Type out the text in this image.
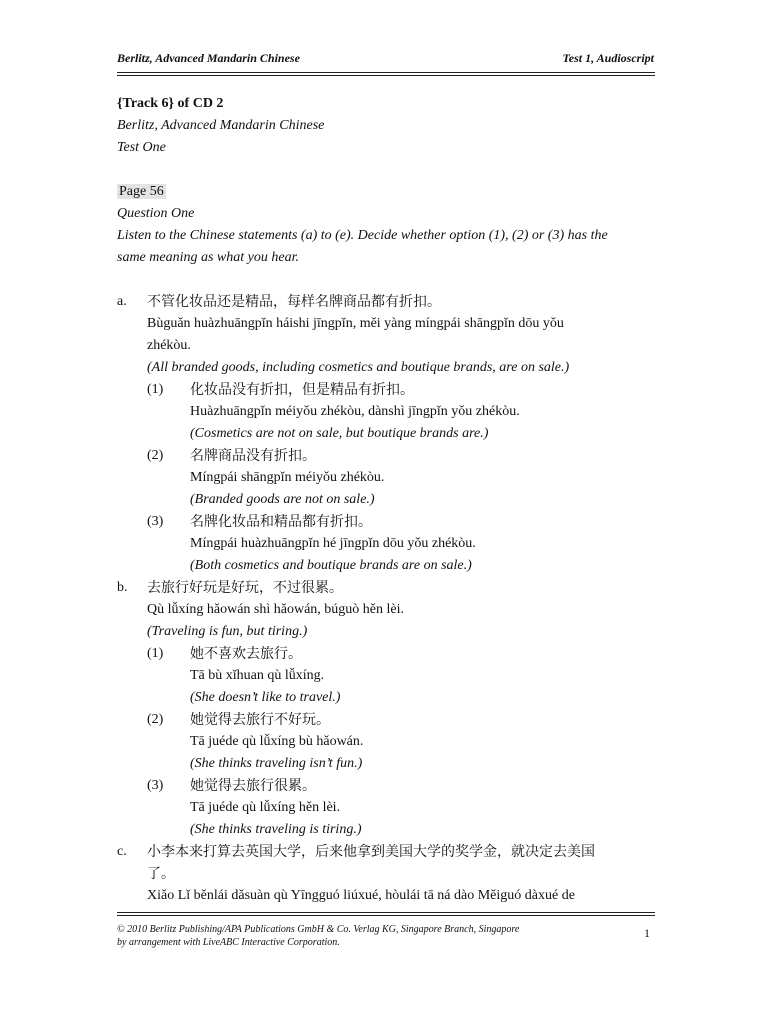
Berlitz, Advanced Mandarin Chinese	Test 1, Audioscript
{Track 6} of CD 2
Berlitz, Advanced Mandarin Chinese
Test One
Page 56
Question One
Listen to the Chinese statements (a) to (e). Decide whether option (1), (2) or (3) has the
same meaning as what you hear.
a. 不管化妆品还是精品，每样名牌商品都有折扣。
Bùguǎn huàzhuāngpǐn háishi jīngpǐn, měi yàng míngpái shāngpǐn dōu yǒu
zhékòu.
(All branded goods, including cosmetics and boutique brands, are on sale.)
(1) 化妆品没有折扣，但是精品有折扣。
Huàzhuāngpǐn méiyǒu zhékòu, dànshì jīngpǐn yǒu zhékòu.
(Cosmetics are not on sale, but boutique brands are.)
(2) 名牌商品没有折扣。
Míngpái shāngpǐn méiyǒu zhékòu.
(Branded goods are not on sale.)
(3) 名牌化妆品和精品都有折扣。
Míngpái huàzhuāngpǐn hé jīngpǐn dōu yǒu zhékòu.
(Both cosmetics and boutique brands are on sale.)
b. 去旅行好玩是好玩，不过很累。
Qù lǚxíng hǎowán shì hǎowán, búguò hěn lèi.
(Traveling is fun, but tiring.)
(1) 她不喜欢去旅行。
Tā bù xǐhuan qù lǚxíng.
(She doesn’t like to travel.)
(2) 她觉得去旅行不好玩。
Tā juéde qù lǚxíng bù hǎowán.
(She thinks traveling isn’t fun.)
(3) 她觉得去旅行很累。
Tā juéde qù lǚxíng hěn lèi.
(She thinks traveling is tiring.)
c. 小李本来打算去英国大学，后来他拿到美国大学的奖学金，就决定去美国
了。
Xiǎo Lǐ běnlái dǎsuàn qù Yīngguó liúxué, hòulái tā ná dào Měiguó dàxué de
© 2010 Berlitz Publishing/APA Publications GmbH & Co. Verlag KG, Singapore Branch, Singapore
by arrangement with LiveABC Interactive Corporation.
1
